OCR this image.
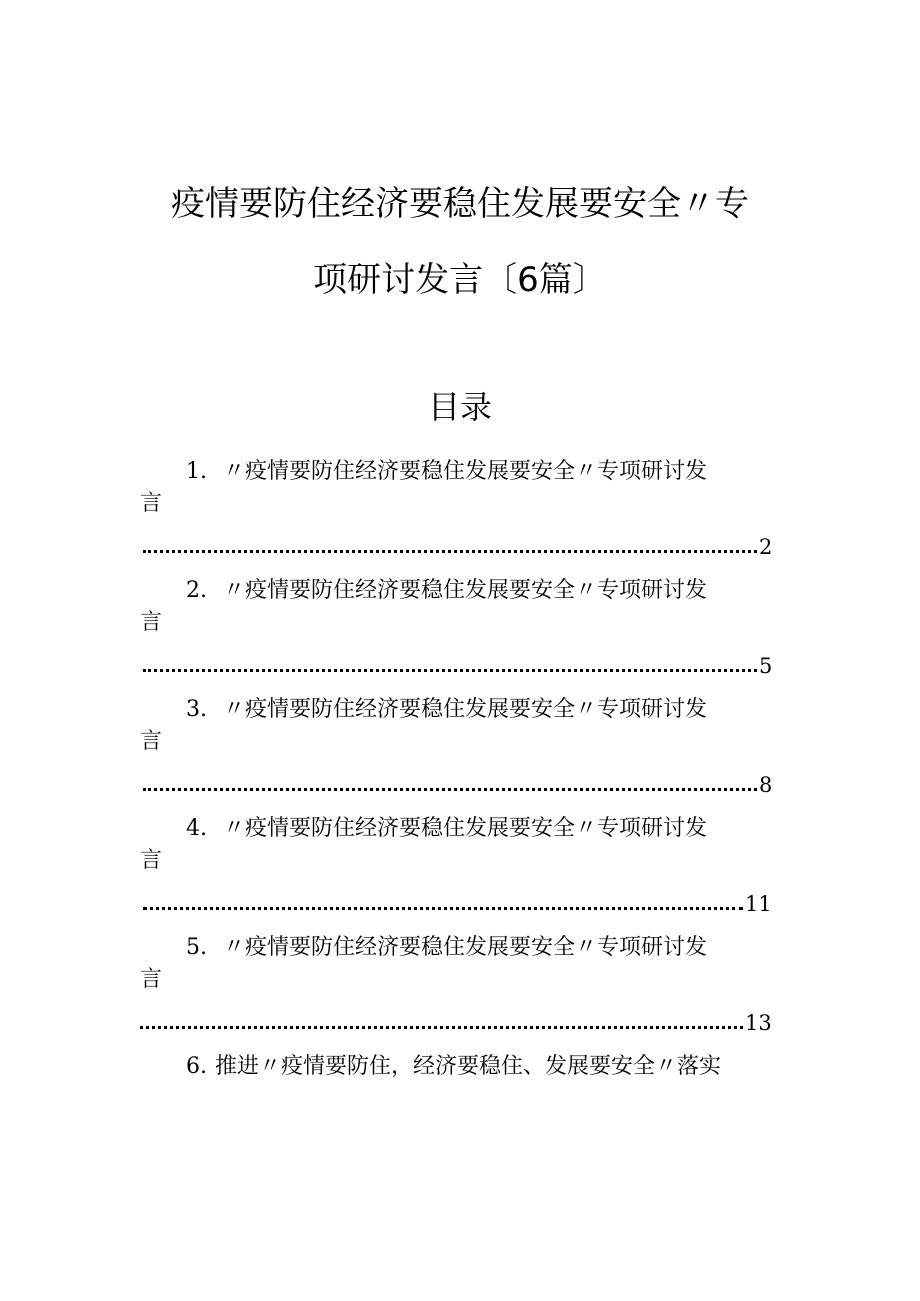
疫情要防住经济要稳住发展要安全〃专
项研讨发言〔6篇〕
目录
1. 〃疫情要防住经济要稳住发展要安全〃专项研讨发
言
2
2. 〃疫情要防住经济要稳住发展要安全〃专项研讨发
言
5
3. 〃疫情要防住经济要稳住发展要安全〃专项研讨发
言
8
4. 〃疫情要防住经济要稳住发展要安全〃专项研讨发
言
11
5. 〃疫情要防住经济要稳住发展要安全〃专项研讨发
言
13
6. 推进〃疫情要防住，经济要稳住、发展要安全〃落实
